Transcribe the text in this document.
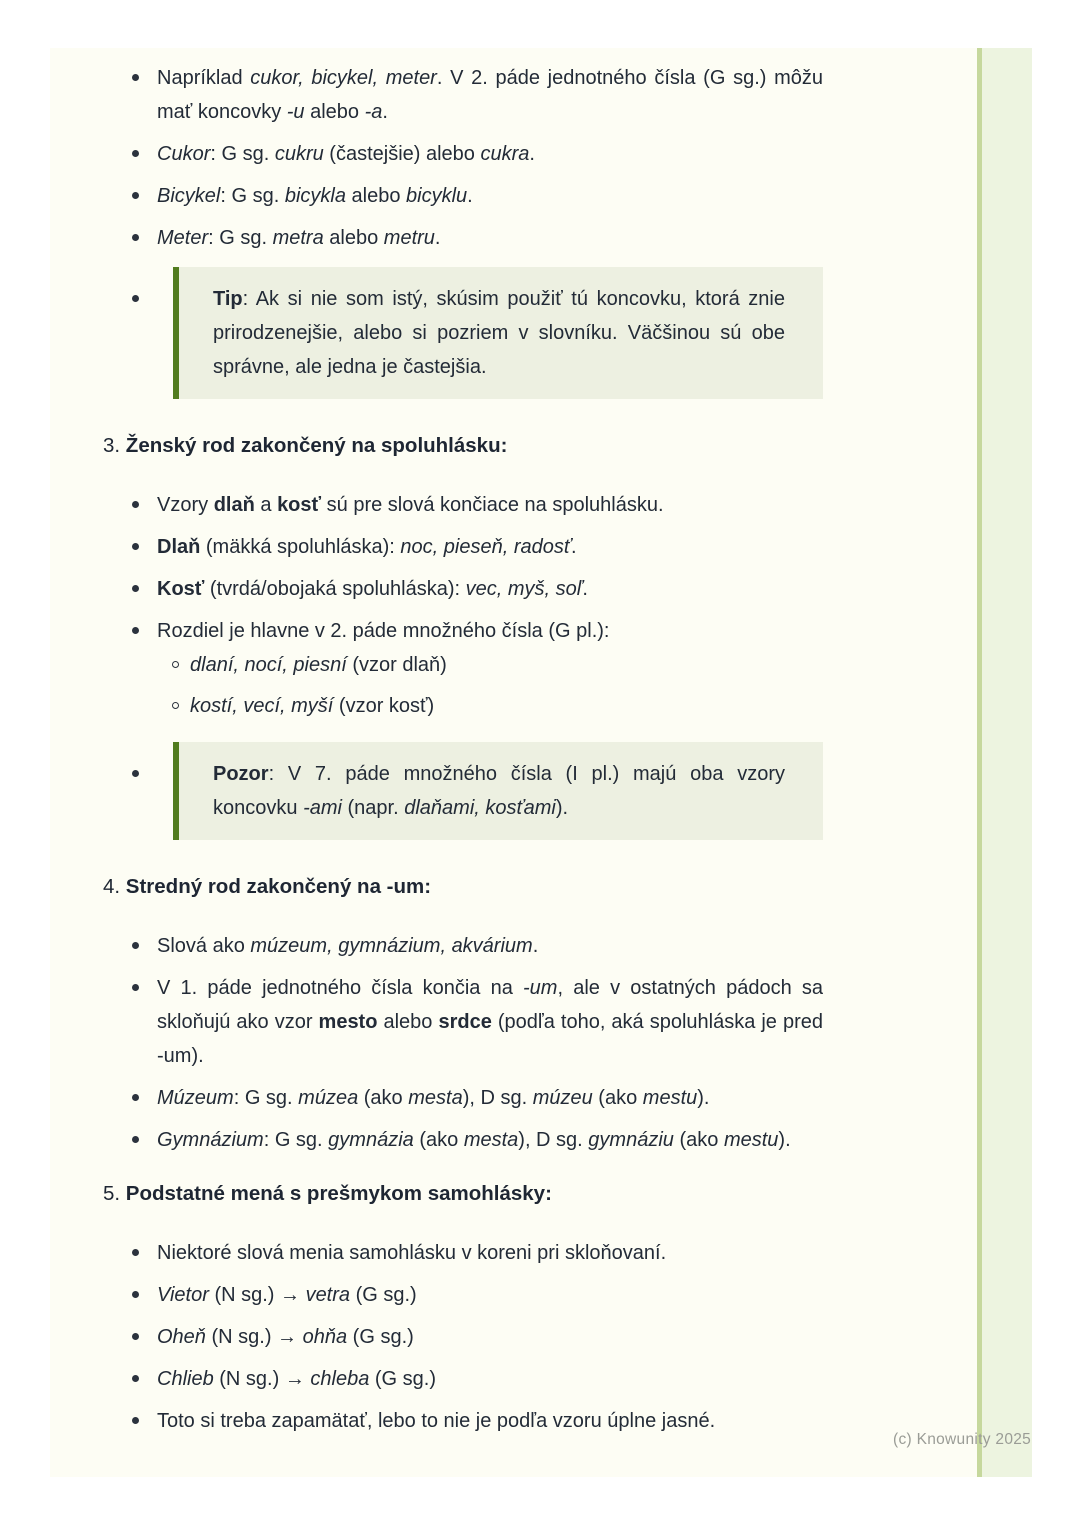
Napríklad cukor, bicykel, meter. V 2. páde jednotného čísla (G sg.) môžu mať koncovky -u alebo -a.
Cukor: G sg. cukru (častejšie) alebo cukra.
Bicykel: G sg. bicykla alebo bicyklu.
Meter: G sg. metra alebo metru.

Tip: Ak si nie som istý, skúsim použiť tú koncovku, ktorá znie prirodzenejšie, alebo si pozriem v slovníku. Väčšinou sú obe správne, ale jedna je častejšia.

3. Ženský rod zakončený na spoluhlásku:
Vzory dlaň a kosť sú pre slová končiace na spoluhlásku.
Dlaň (mäkká spoluhláska): noc, pieseň, radosť.
Kosť (tvrdá/obojaká spoluhláska): vec, myš, soľ.
Rozdiel je hlavne v 2. páde množného čísla (G pl.):
dlaní, nocí, piesní (vzor dlaň)
kostí, vecí, myší (vzor kosť)

Pozor: V 7. páde množného čísla (I pl.) majú oba vzory koncovku -ami (napr. dlaňami, kosťami).

4. Stredný rod zakončený na -um:
Slová ako múzeum, gymnázium, akvárium.
V 1. páde jednotného čísla končia na -um, ale v ostatných pádoch sa skloňujú ako vzor mesto alebo srdce (podľa toho, aká spoluhláska je pred -um).
Múzeum: G sg. múzea (ako mesta), D sg. múzeu (ako mestu).
Gymnázium: G sg. gymnázia (ako mesta), D sg. gymnáziu (ako mestu).
5. Podstatné mená s prešmykom samohlásky:
Niektoré slová menia samohlásku v koreni pri skloňovaní.
Vietor (N sg.) → vetra (G sg.)
Oheň (N sg.) → ohňa (G sg.)
Chlieb (N sg.) → chleba (G sg.)
Toto si treba zapamätať, lebo to nie je podľa vzoru úplne jasné.
(c) Knowunity 2025
